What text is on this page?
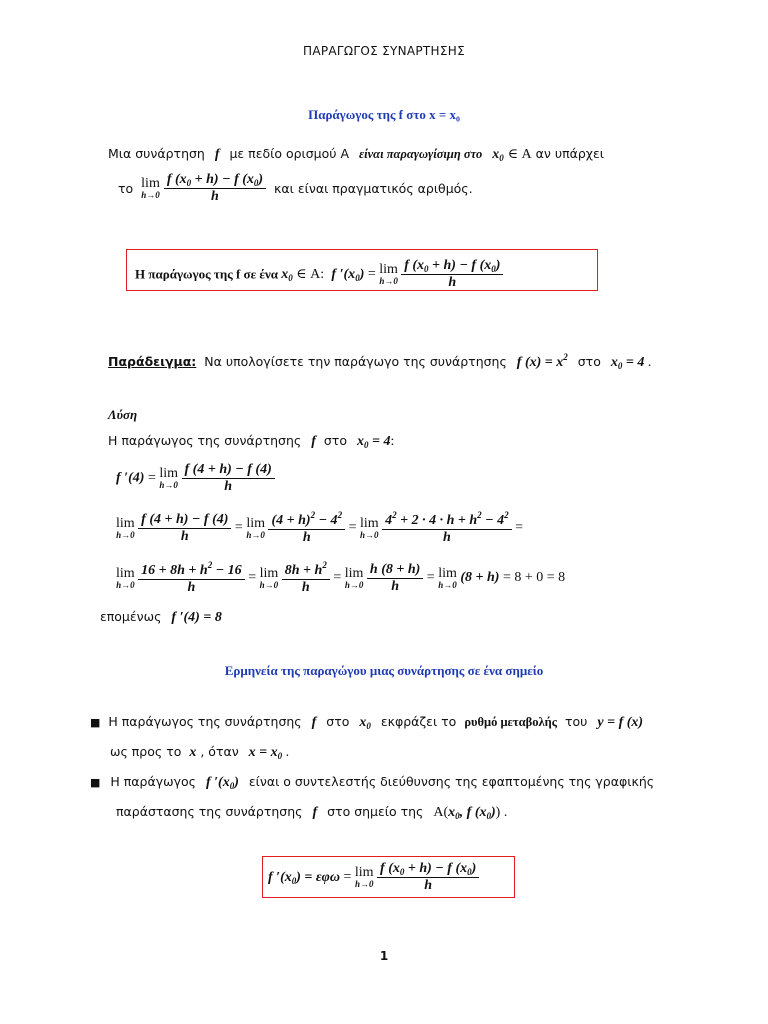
ΠΑΡΑΓΩΓΟΣ ΣΥΝΑΡΤΗΣΗΣ
Παράγωγος της f στο x = x₀
Μια συνάρτηση f με πεδίο ορισμού Α είναι παραγωγίσιμη στο $x_0$ ∈ Α αν υπάρχει
το lim
h→0
$\frac{f (x_0 + h) - f (x_0)}{h}$ και είναι πραγματικός αριθμός.
Η παράγωγος της f σε ένα $x_0$ ∈ Α: f $'(x_0) = \lim$
h→0
$\frac{f (x_0 + h) - f (x_0)}{h}$
Παράδειγμα: Να υπολογίσετε την παράγωγο της συνάρτησης f $(x) = x^2$ στο $x_0 = 4$ .
Λύση
Η παράγωγος της συνάρτησης f στο $x_0 = 4$:
f ′(4) = lim
h→0
$\frac{f (4 + h) - f (4)}{h}$
lim
h→0
$\frac{f (4 + h) - f (4)}{h} = \lim$
h→0
$\frac{(4 + h)^2 - 4^2}{h} = \lim$
h→0
$\frac{4^2 + 2 \cdot 4 \cdot h + h^2 - 4^2}{h}$ =
lim
h→0
$\frac{16 + 8h + h^2 - 16}{h} = \lim$
h→0
$\frac{8h + h^2}{h} = \lim$
h→0
$\frac{h (8 + h)}{h} = \lim$
h→0 (8 + h) = 8 + 0 = 8
επομένως f ′(4) = 8
Ερμηνεία της παραγώγου μιας συνάρτησης σε ένα σημείο
■ Η παράγωγος της συνάρτησης f στο $x_0$ εκφράζει το ρυθμό μεταβολής του y = f (x)
ως προς το x , όταν $x = x_0$ .
■ Η παράγωγος f $'(x_0)$ είναι ο συντελεστής διεύθυνσης της εφαπτομένης της γραφικής
παράστασης της συνάρτησης f στο σημείο της $A(x_0$, f $(x_0)$) .
f $'(x_0) = \varepsilon\varphi\omega = \lim$
h→0
$\frac{f (x_0 + h) - f (x_0)}{h}$
1
